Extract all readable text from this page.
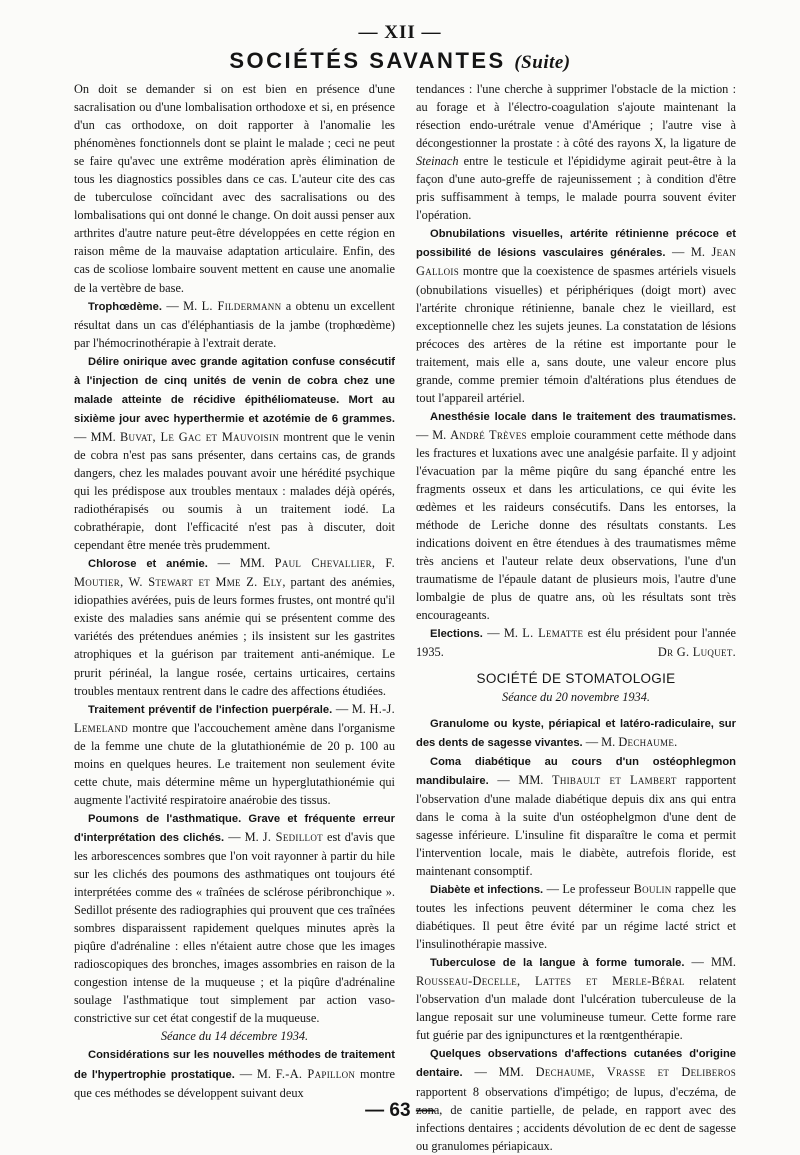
— XII —
SOCIÉTÉS SAVANTES (Suite)

On doit se demander si on est bien en présence d'une sacralisation ou d'une lombalisation orthodoxe et si, en présence d'un cas orthodoxe, on doit rapporter à l'anomalie les phénomènes fonctionnels dont se plaint le malade ; ceci ne peut se faire qu'avec une extrême modération après élimination de tous les diagnostics possibles dans ce cas. L'auteur cite des cas de tuberculose coïncidant avec des sacralisations ou des lombalisations qui ont donné le change. On doit aussi penser aux arthrites d'autre nature peut-être développées en cette région en raison même de la mauvaise adaptation articulaire. Enfin, des cas de scoliose lombaire souvent mettent en cause une anomalie de la vertèbre de base.

Trophœdème. — M. L. Fildermann a obtenu un excellent résultat dans un cas d'éléphantiasis de la jambe (trophœdème) par l'hémocrinothérapie à l'extrait derate.

Délire onirique avec grande agitation confuse consécutif à l'injection de cinq unités de venin de cobra chez une malade atteinte de récidive épithéliomateuse. Mort au sixième jour avec hyperthermie et azotémie de 6 grammes. — MM. Buvat, Le Gac et Mauvoisin montrent que le venin de cobra n'est pas sans présenter, dans certains cas, de grands dangers, chez les malades pouvant avoir une hérédité psychique qui les prédispose aux troubles mentaux : malades déjà opérés, radiothérapisés ou soumis à un traitement iodé. La cobrathérapie, dont l'efficacité n'est pas à discuter, doit cependant être menée très prudemment.

Chlorose et anémie. — MM. Paul Chevallier, F. Moutier, W. Stewart et Mme Z. Ely, partant des anémies, idiopathies avérées, puis de leurs formes frustes, ont montré qu'il existe des maladies sans anémie qui se présentent comme des variétés des prétendues anémies ; ils insistent sur les gastrites atrophiques et la guérison par traitement anti-anémique. Le prurit périnéal, la langue rosée, certains urticaires, certains troubles mentaux rentrent dans le cadre des affections étudiées.

Traitement préventif de l'infection puerpérale. — M. H.-J. Lemeland montre que l'accouchement amène dans l'organisme de la femme une chute de la glutathionémie de 20 p. 100 au moins en quelques heures. Le traitement non seulement évite cette chute, mais détermine même un hyperglutathionémie qui augmente l'activité respiratoire anaérobie des tissus.

Poumons de l'asthmatique. Grave et fréquente erreur d'interprétation des clichés. — M. J. Sedillot est d'avis que les arborescences sombres que l'on voit rayonner à partir du hile sur les clichés des poumons des asthmatiques ont toujours été interprétées comme des « traînées de sclérose péribronchique ». Sedillot présente des radiographies qui prouvent que ces traînées sombres disparaissent rapidement quelques minutes après la piqûre d'adrénaline : elles n'étaient autre chose que les images radioscopiques des bronches, images assombries en raison de la congestion intense de la muqueuse ; et la piqûre d'adrénaline soulage l'asthmatique tout simplement par action vaso-constrictive sur cet état congestif de la muqueuse.

Séance du 14 décembre 1934.

Considérations sur les nouvelles méthodes de traitement de l'hypertrophie prostatique. — M. F.-A. Papillon montre que ces méthodes se développent suivant deux

tendances : l'une cherche à supprimer l'obstacle de la miction : au forage et à l'électro-coagulation s'ajoute maintenant la résection endo-urétrale venue d'Amérique ; l'autre vise à décongestionner la prostate : à côté des rayons X, la ligature de Steinach entre le testicule et l'épididyme agirait peut-être à la façon d'une auto-greffe de rajeunissement ; à condition d'être pris suffisamment à temps, le malade pourra souvent éviter l'opération.

Obnubilations visuelles, artérite rétinienne précoce et possibilité de lésions vasculaires générales. — M. Jean Gallois montre que la coexistence de spasmes artériels visuels (obnubilations visuelles) et périphériques (doigt mort) avec l'artérite chronique rétinienne, banale chez le vieillard, est exceptionnelle chez les sujets jeunes. La constatation de lésions précoces des artères de la rétine est importante pour le traitement, mais elle a, sans doute, une valeur encore plus grande, comme premier témoin d'altérations plus étendues de tout l'appareil artériel.

Anesthésie locale dans le traitement des traumatismes. — M. André Trèves emploie couramment cette méthode dans les fractures et luxations avec une analgésie parfaite. Il y adjoint l'évacuation par la même piqûre du sang épanché entre les fragments osseux et dans les articulations, ce qui évite les œdèmes et les raideurs consécutifs. Dans les entorses, la méthode de Leriche donne des résultats constants. Les indications doivent en être étendues à des traumatismes même très anciens et l'auteur relate deux observations, l'une d'un traumatisme de l'épaule datant de plusieurs mois, l'autre d'une lombalgie de plus de quatre ans, où les résultats sont très encourageants.

Elections. — M. L. Lematte est élu président pour l'année 1935.	Dr G. Luquet.

SOCIÉTÉ DE STOMATOLOGIE

Séance du 20 novembre 1934.

Granulome ou kyste, périapical et latéro-radiculaire, sur des dents de sagesse vivantes. — M. Dechaume.

Coma diabétique au cours d'un ostéophlegmon mandibulaire. — MM. Thibault et Lambert rapportent l'observation d'une malade diabétique depuis dix ans qui entra dans le coma à la suite d'un ostéophelgmon d'une dent de sagesse inférieure. L'insuline fit disparaître le coma et permit l'intervention locale, mais le diabète, autrefois floride, est maintenant consomptif.

Diabète et infections. — Le professeur Boulin rappelle que toutes les infections peuvent déterminer le coma chez les diabétiques. Il peut être évité par un régime lacté strict et l'insulinothérapie massive.

Tuberculose de la langue à forme tumorale. — MM. Rousseau-Decelle, Lattes et Merle-Béral relatent l'observation d'un malade dont l'ulcération tuberculeuse de la langue reposait sur une volumineuse tumeur. Cette forme rare fut guérie par des ignipunctures et la rœntgenthérapie.

Quelques observations d'affections cutanées d'origine dentaire. — MM. Dechaume, Vrasse et Deliberos rapportent 8 observations d'impétigo; de lupus, d'eczéma, de zona, de canitie partielle, de pelade, en rapport avec des infections dentaires ; accidents dévolution de ec dent de sagesse ou granulomes périapicaux.

— 63 —
